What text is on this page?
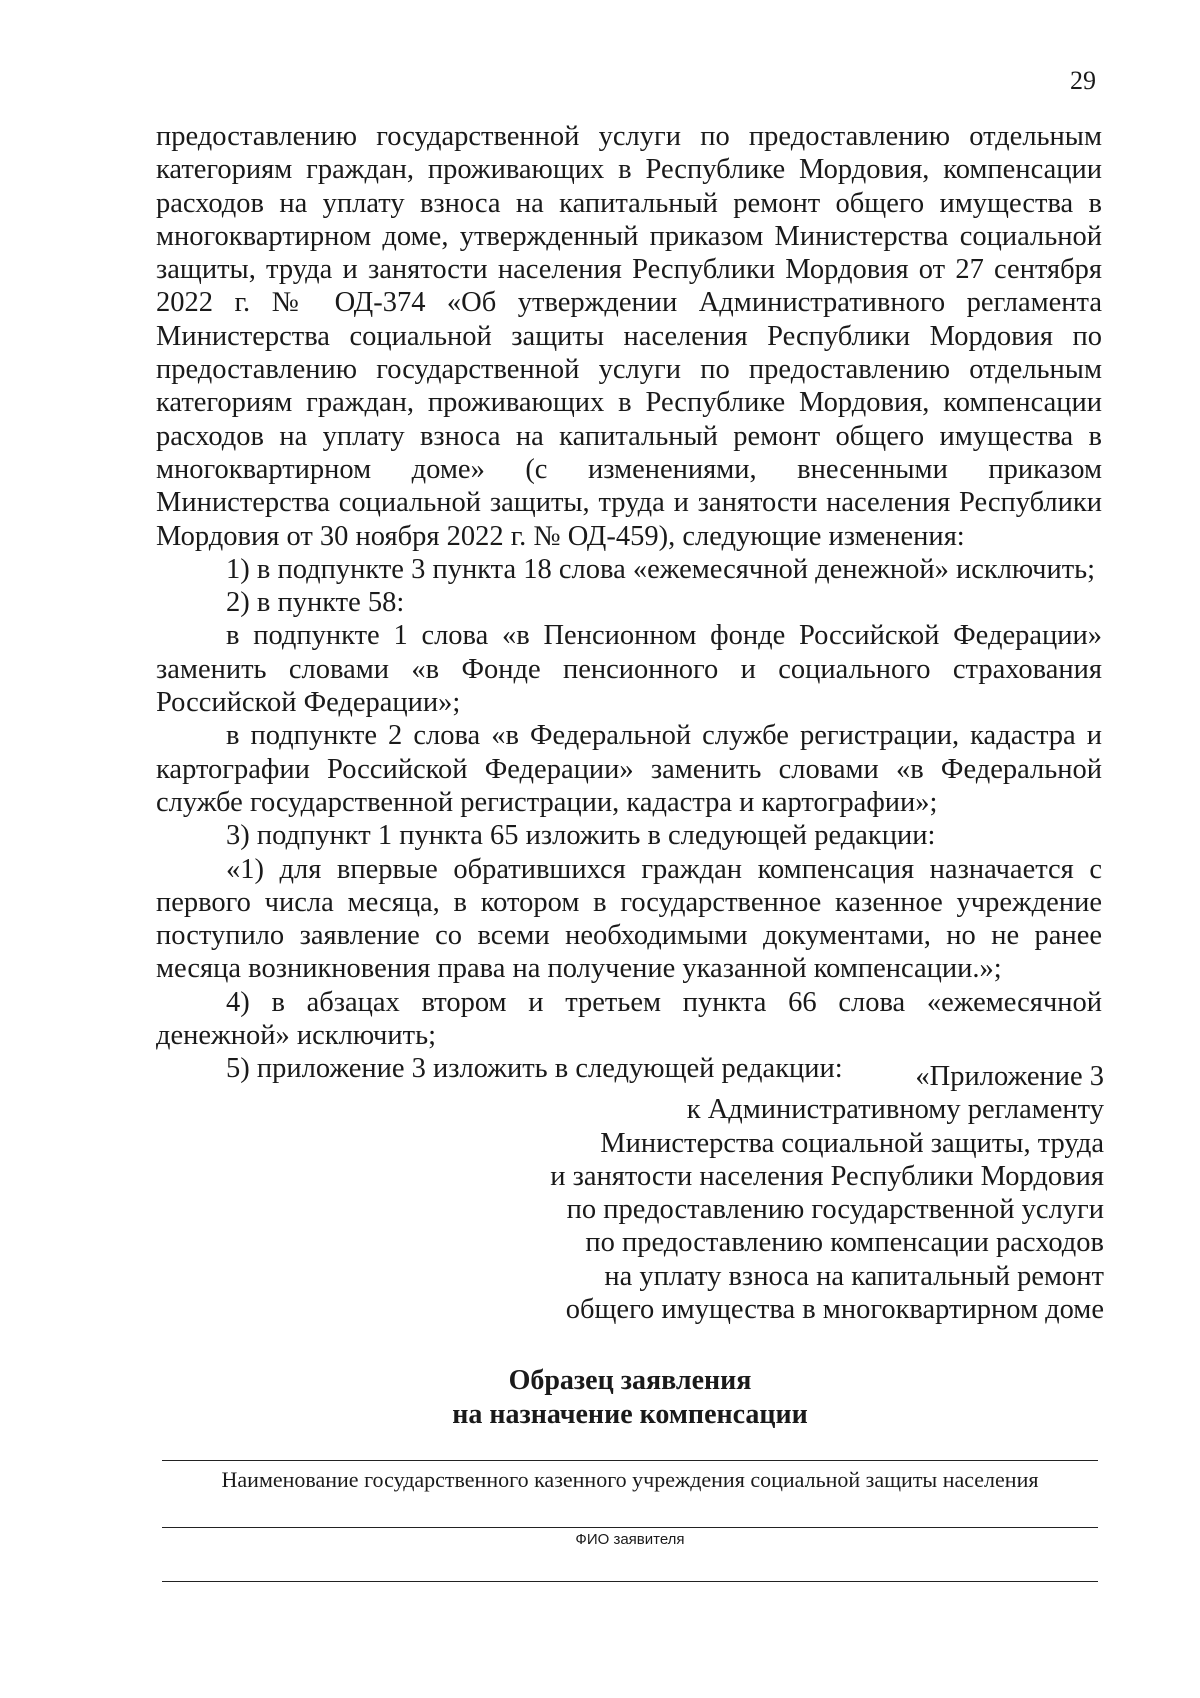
29

предоставлению государственной услуги по предоставлению отдельным категориям граждан, проживающих в Республике Мордовия, компенсации расходов на уплату взноса на капитальный ремонт общего имущества в многоквартирном доме, утвержденный приказом Министерства социальной защиты, труда и занятости населения Республики Мордовия от 27 сентября 2022 г. № ОД-374 «Об утверждении Административного регламента Министерства социальной защиты населения Республики Мордовия по предоставлению государственной услуги по предоставлению отдельным категориям граждан, проживающих в Республике Мордовия, компенсации расходов на уплату взноса на капитальный ремонт общего имущества в многоквартирном доме» (с изменениями, внесенными приказом Министерства социальной защиты, труда и занятости населения Республики Мордовия от 30 ноября 2022 г. № ОД-459), следующие изменения:

1) в подпункте 3 пункта 18 слова «ежемесячной денежной» исключить;

2) в пункте 58:

в подпункте 1 слова «в Пенсионном фонде Российской Федерации» заменить словами «в Фонде пенсионного и социального страхования Российской Федерации»;

в подпункте 2 слова «в Федеральной службе регистрации, кадастра и картографии Российской Федерации» заменить словами «в Федеральной службе государственной регистрации, кадастра и картографии»;

3) подпункт 1 пункта 65 изложить в следующей редакции:

«1) для впервые обратившихся граждан компенсация назначается с первого числа месяца, в котором в государственное казенное учреждение поступило заявление со всеми необходимыми документами, но не ранее месяца возникновения права на получение указанной компенсации.»;

4) в абзацах втором и третьем пункта 66 слова «ежемесячной денежной» исключить;

5) приложение 3 изложить в следующей редакции:	«Приложение 3
к Административному регламенту
Министерства социальной защиты, труда
и занятости населения Республики Мордовия
по предоставлению государственной услуги
по предоставлению компенсации расходов
на уплату взноса на капитальный ремонт
общего имущества в многоквартирном доме
Образец заявления
на назначение компенсации
Наименование государственного казенного учреждения социальной защиты населения
ФИО заявителя
